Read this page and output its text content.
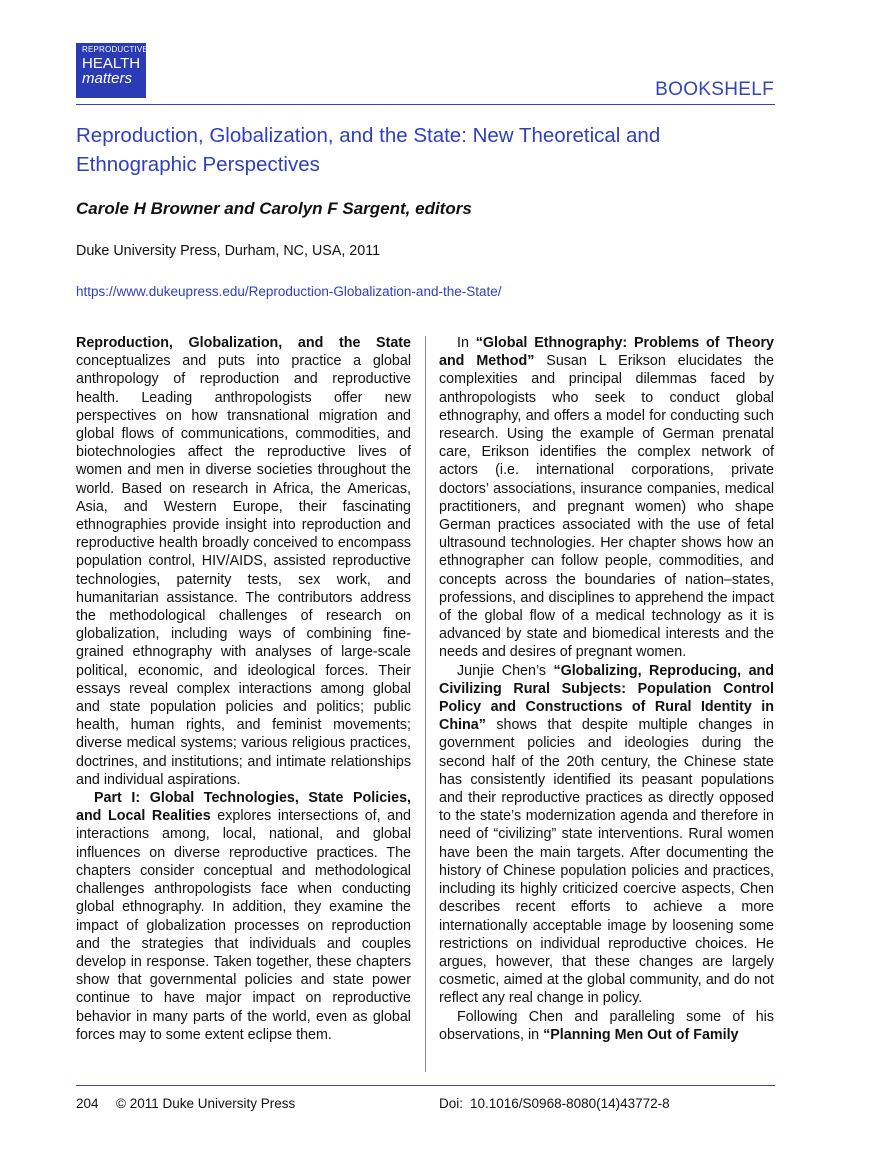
REPRODUCTIVE
HEALTH
matters
BOOKSHELF
Reproduction, Globalization, and the State: New Theoretical and Ethnographic Perspectives
Carole H Browner and Carolyn F Sargent, editors
Duke University Press, Durham, NC, USA, 2011
https://www.dukeupress.edu/Reproduction-Globalization-and-the-State/

Reproduction, Globalization, and the State conceptualizes and puts into practice a global anthropology of reproduction and reproductive health. Leading anthropologists offer new perspectives on how transnational migration and global flows of communications, commodities, and biotechnologies affect the reproductive lives of women and men in diverse societies throughout the world. Based on research in Africa, the Americas, Asia, and Western Europe, their fascinating ethnographies provide insight into reproduction and reproductive health broadly conceived to encompass population control, HIV/AIDS, assisted reproductive technologies, paternity tests, sex work, and humanitarian assistance. The contributors address the methodological challenges of research on globalization, including ways of combining fine-grained ethnography with analyses of large-scale political, economic, and ideological forces. Their essays reveal complex interactions among global and state population policies and politics; public health, human rights, and feminist movements; diverse medical systems; various religious practices, doctrines, and institutions; and intimate relationships and individual aspirations.

Part I: Global Technologies, State Policies, and Local Realities explores intersections of, and interactions among, local, national, and global influences on diverse reproductive practices. The chapters consider conceptual and methodological challenges anthropologists face when conducting global ethnography. In addition, they examine the impact of globalization processes on reproduction and the strategies that individuals and couples develop in response. Taken together, these chapters show that governmental policies and state power continue to have major impact on reproductive behavior in many parts of the world, even as global forces may to some extent eclipse them.

In “Global Ethnography: Problems of Theory and Method” Susan L Erikson elucidates the complexities and principal dilemmas faced by anthropologists who seek to conduct global ethnography, and offers a model for conducting such research. Using the example of German prenatal care, Erikson identifies the complex network of actors (i.e. international corporations, private doctors’ associations, insurance companies, medical practitioners, and pregnant women) who shape German practices associated with the use of fetal ultrasound technologies. Her chapter shows how an ethnographer can follow people, commodities, and concepts across the boundaries of nation–states, professions, and disciplines to apprehend the impact of the global flow of a medical technology as it is advanced by state and biomedical interests and the needs and desires of pregnant women.

Junjie Chen’s “Globalizing, Reproducing, and Civilizing Rural Subjects: Population Control Policy and Constructions of Rural Identity in China” shows that despite multiple changes in government policies and ideologies during the second half of the 20th century, the Chinese state has consistently identified its peasant populations and their reproductive practices as directly opposed to the state’s modernization agenda and therefore in need of “civilizing” state interventions. Rural women have been the main targets. After documenting the history of Chinese population policies and practices, including its highly criticized coercive aspects, Chen describes recent efforts to achieve a more internationally acceptable image by loosening some restrictions on individual reproductive choices. He argues, however, that these changes are largely cosmetic, aimed at the global community, and do not reflect any real change in policy.

Following Chen and paralleling some of his observations, in “Planning Men Out of Family

204 © 2011 Duke University Press	Doi: 10.1016/S0968-8080(14)43772-8
